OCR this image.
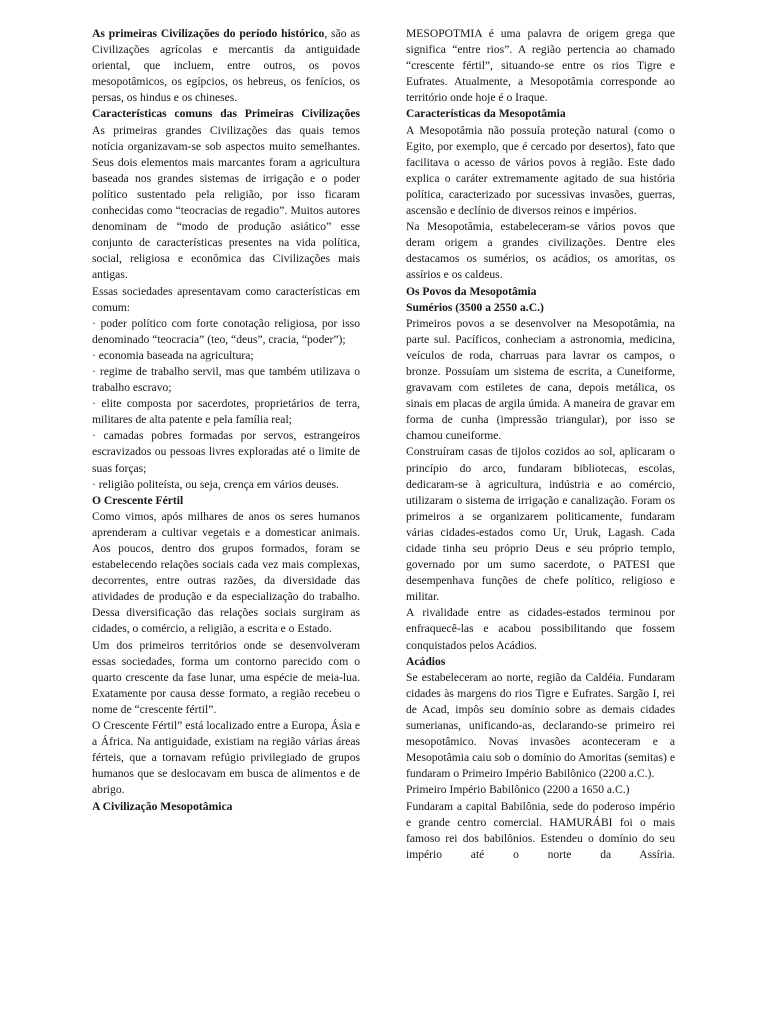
As primeiras Civilizações do período histórico, são as Civilizações agrícolas e mercantis da antiguidade oriental, que incluem, entre outros, os povos mesopotâmicos, os egípcios, os hebreus, os fenícios, os persas, os hindus e os chineses.

Características comuns das Primeiras Civilizações

As primeiras grandes Civilizações das quais temos notícia organizavam-se sob aspectos muito semelhantes. Seus dois elementos mais marcantes foram a agricultura baseada nos grandes sistemas de irrigação e o poder político sustentado pela religião, por isso ficaram conhecidas como “teocracias de regadio”. Muitos autores denominam de “modo de produção asiático” esse conjunto de características presentes na vida política, social, religiosa e econômica das Civilizações mais antigas.

Essas sociedades apresentavam como características em comum:

· poder político com forte conotação religiosa, por isso denominado “teocracia” (teo, “deus”, cracia, “poder”);

· economia baseada na agricultura;

· regime de trabalho servil, mas que também utilizava o trabalho escravo;

· elite composta por sacerdotes, proprietários de terra, militares de alta patente e pela família real;

· camadas pobres formadas por servos, estrangeiros escravizados ou pessoas livres exploradas até o limite de suas forças;

· religião politeísta, ou seja, crença em vários deuses.

O Crescente Fértil

Como vimos, após milhares de anos os seres humanos aprenderam a cultivar vegetais e a domesticar animais. Aos poucos, dentro dos grupos formados, foram se estabelecendo relações sociais cada vez mais complexas, decorrentes, entre outras razões, da diversidade das atividades de produção e da especialização do trabalho. Dessa diversificação das relações sociais surgiram as cidades, o comércio, a religião, a escrita e o Estado.

Um dos primeiros territórios onde se desenvolveram essas sociedades, forma um contorno parecido com o quarto crescente da fase lunar, uma espécie de meia-lua. Exatamente por causa desse formato, a região recebeu o nome de “crescente fértil”.

O Crescente Fértil” está localizado entre a Europa, Ásia e a África. Na antiguidade, existiam na região várias áreas férteis, que a tornavam refúgio privilegiado de grupos humanos que se deslocavam em busca de alimentos e de abrigo.

A Civilização Mesopotâmica

MESOPOTMIA é uma palavra de origem grega que significa “entre rios”. A região pertencia ao chamado “crescente fértil”, situando-se entre os rios Tigre e Eufrates. Atualmente, a Mesopotâmia corresponde ao território onde hoje é o Iraque.

Características da Mesopotâmia

A Mesopotâmia não possuía proteção natural (como o Egito, por exemplo, que é cercado por desertos), fato que facilitava o acesso de vários povos à região. Este dado explica o caráter extremamente agitado de sua história política, caracterizado por sucessivas invasões, guerras, ascensão e declínio de diversos reinos e impérios.

Na Mesopotâmia, estabeleceram-se vários povos que deram origem a grandes civilizações. Dentre eles destacamos os sumérios, os acádios, os amoritas, os assírios e os caldeus.

Os Povos da Mesopotâmia

Sumérios (3500 a 2550 a.C.)

Primeiros povos a se desenvolver na Mesopotâmia, na parte sul. Pacíficos, conheciam a astronomia, medicina, veículos de roda, charruas para lavrar os campos, o bronze. Possuíam um sistema de escrita, a Cuneiforme, gravavam com estiletes de cana, depois metálica, os sinais em placas de argila úmida. A maneira de gravar em forma de cunha (impressão triangular), por isso se chamou cuneiforme.

Construíram casas de tijolos cozidos ao sol, aplicaram o princípio do arco, fundaram bibliotecas, escolas, dedicaram-se à agricultura, indústria e ao comércio, utilizaram o sistema de irrigação e canalização. Foram os primeiros a se organizarem politicamente, fundaram várias cidades-estados como Ur, Uruk, Lagash. Cada cidade tinha seu próprio Deus e seu próprio templo, governado por um sumo sacerdote, o PATESI que desempenhava funções de chefe político, religioso e militar.

A rivalidade entre as cidades-estados terminou por enfraquecê-las e acabou possibilitando que fossem conquistados pelos Acádios.

Acádios

Se estabeleceram ao norte, região da Caldéia. Fundaram cidades às margens do rios Tigre e Eufrates. Sargão I, rei de Acad, impôs seu domínio sobre as demais cidades sumerianas, unificando-as, declarando-se primeiro rei mesopotâmico. Novas invasões aconteceram e a Mesopotâmia caiu sob o domínio do Amoritas (semitas) e fundaram o Primeiro Império Babilônico (2200 a.C.).

Primeiro Império Babilônico (2200 a 1650 a.C.)

Fundaram a capital Babilônia, sede do poderoso império e grande centro comercial. HAMURÁBI foi o mais famoso rei dos babilônios. Estendeu o domínio do seu império até o norte da Assíria.
